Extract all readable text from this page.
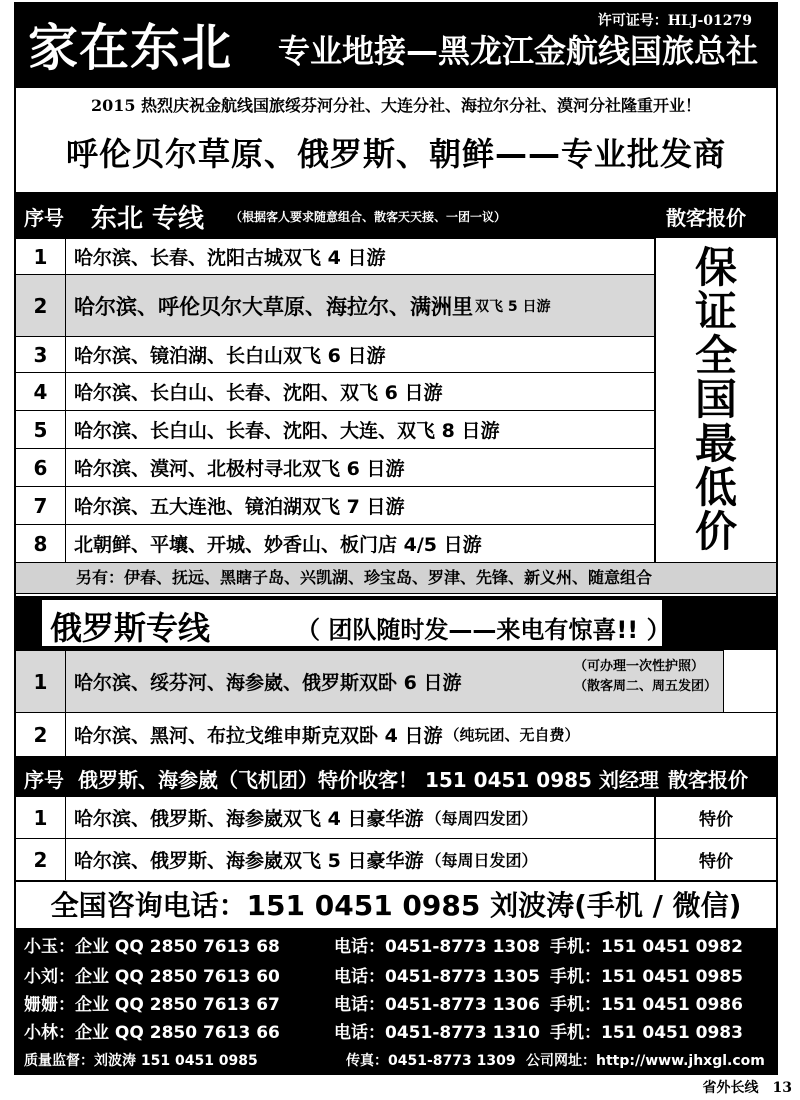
许可证号：HLJ-01279
家在东北 专业地接—黑龙江金航线国旅总社
2015 热烈庆祝金航线国旅绥芬河分社、大连分社、海拉尔分社、漠河分社隆重开业！
呼伦贝尔草原、俄罗斯、朝鲜——专业批发商
序号 东北 专线 （根据客人要求随意组合、散客天天接、一团一议）	散客报价
1	哈尔滨、长春、沈阳古城双飞 4 日游
2	哈尔滨、呼伦贝尔大草原、海拉尔、满洲里 双飞 5 日游
3	哈尔滨、镜泊湖、长白山双飞 6 日游
4	哈尔滨、长白山、长春、沈阳、双飞 6 日游
5	哈尔滨、长白山、长春、沈阳、大连、双飞 8 日游
6	哈尔滨、漠河、北极村寻北双飞 6 日游
7	哈尔滨、五大连池、镜泊湖双飞 7 日游
8	北朝鲜、平壤、开城、妙香山、板门店 4/5 日游
保证全国最低价
另有：伊春、抚远、黑瞎子岛、兴凯湖、珍宝岛、罗津、先锋、新义州、随意组合
俄罗斯专线	（ 团队随时发——来电有惊喜!! ）
1	哈尔滨、绥芬河、海参崴、俄罗斯双卧 6 日游
（可办理一次性护照）
（散客周二、周五发团）
2	哈尔滨、黑河、布拉戈维申斯克双卧 4 日游 （纯玩团、无自费）
序号 俄罗斯、海参崴（飞机团）特价收客！ 151 0451 0985 刘经理 散客报价
1	哈尔滨、俄罗斯、海参崴双飞 4 日豪华游 （每周四发团）	特价
2	哈尔滨、俄罗斯、海参崴双飞 5 日豪华游 （每周日发团）	特价
全国咨询电话：151 0451 0985 刘波涛(手机 / 微信)
小玉：企业 QQ 2850 7613 68	电话：0451-8773 1308 手机：151 0451 0982
小刘：企业 QQ 2850 7613 60	电话：0451-8773 1305 手机：151 0451 0985
姗姗：企业 QQ 2850 7613 67	电话：0451-8773 1306 手机：151 0451 0986
小林：企业 QQ 2850 7613 66	电话：0451-8773 1310 手机：151 0451 0983
质量监督：刘波涛 151 0451 0985	传真：0451-8773 1309 公司网址：http://www.jhxgl.com
省外长线 13
